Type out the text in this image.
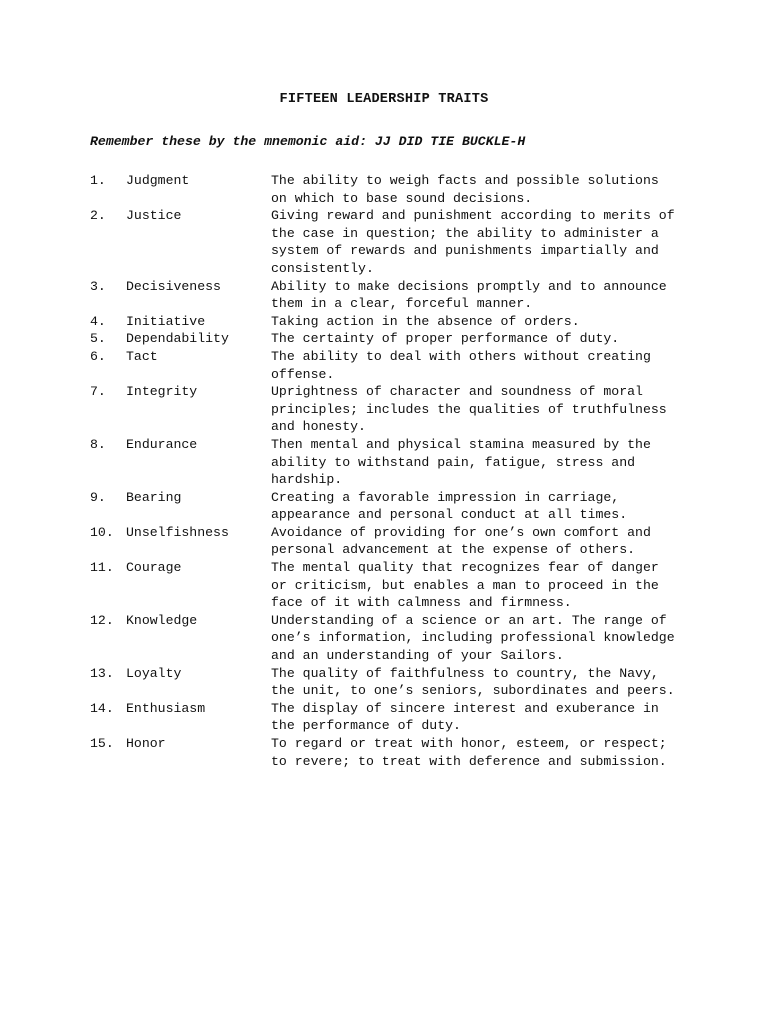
FIFTEEN LEADERSHIP TRAITS
Remember these by the mnemonic aid: JJ DID TIE BUCKLE-H
1. Judgment	The ability to weigh facts and possible solutions on which to base sound decisions.
2. Justice	Giving reward and punishment according to merits of the case in question; the ability to administer a system of rewards and punishments impartially and consistently.
3. Decisiveness	Ability to make decisions promptly and to announce them in a clear, forceful manner.
4. Initiative	Taking action in the absence of orders.
5. Dependability	The certainty of proper performance of duty.
6. Tact	The ability to deal with others without creating offense.
7. Integrity	Uprightness of character and soundness of moral principles; includes the qualities of truthfulness and honesty.
8. Endurance	Then mental and physical stamina measured by the ability to withstand pain, fatigue, stress and hardship.
9. Bearing	Creating a favorable impression in carriage, appearance and personal conduct at all times.
10. Unselfishness	Avoidance of providing for one’s own comfort and personal advancement at the expense of others.
11. Courage	The mental quality that recognizes fear of danger or criticism, but enables a man to proceed in the face of it with calmness and firmness.
12. Knowledge	Understanding of a science or an art. The range of one’s information, including professional knowledge and an understanding of your Sailors.
13. Loyalty	The quality of faithfulness to country, the Navy, the unit, to one’s seniors, subordinates and peers.
14. Enthusiasm	The display of sincere interest and exuberance in the performance of duty.
15. Honor	To regard or treat with honor, esteem, or respect; to revere; to treat with deference and submission.
